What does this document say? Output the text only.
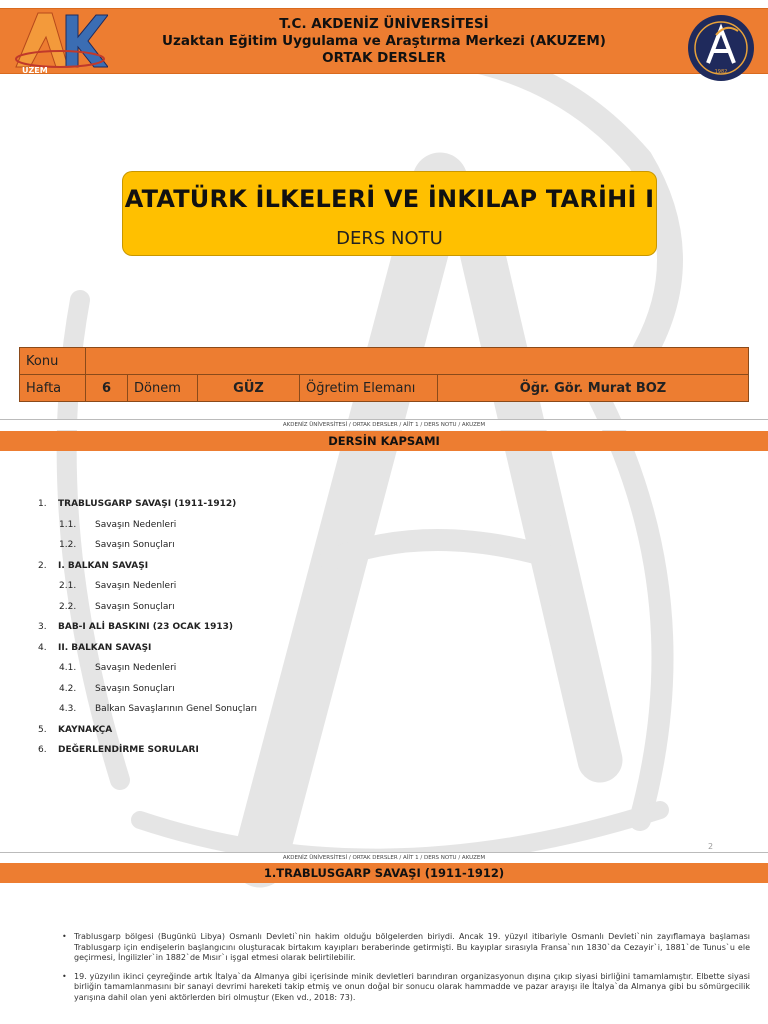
UZEM
T.C. AKDENİZ ÜNİVERSİTESİ
Uzaktan Eğitim Uygulama ve Araştırma Merkezi (AKUZEM)
ORTAK DERSLER
1982
ATATÜRK İLKELERİ VE İNKILAP TARİHİ I
DERS NOTU
Konu					
Hafta	6	Dönem	GÜZ	Öğretim Elemanı	Öğr. Gör. Murat BOZ
AKDENİZ ÜNİVERSİTESİ / ORTAK DERSLER / AİİT 1 / DERS NOTU / AKUZEM
DERSİN KAPSAMI
1. TRABLUSGARP SAVAŞI (1911-1912)
1.1. Savaşın Nedenleri
1.2. Savaşın Sonuçları
2. I. BALKAN SAVAŞI
2.1. Savaşın Nedenleri
2.2. Savaşın Sonuçları
3. BAB-I ALİ BASKINI (23 OCAK 1913)
4. II. BALKAN SAVAŞI
4.1. Savaşın Nedenleri
4.2. Savaşın Sonuçları
4.3. Balkan Savaşlarının Genel Sonuçları
5. KAYNAKÇA
6. DEĞERLENDİRME SORULARI
2
AKDENİZ ÜNİVERSİTESİ / ORTAK DERSLER / AİİT 1 / DERS NOTU / AKUZEM
1.TRABLUSGARP SAVAŞI (1911-1912)
• Trablusgarp bölgesi (Bugünkü Libya) Osmanlı Devleti`nin hakim olduğu bölgelerden biriydi. Ancak 19. yüzyıl itibariyle Osmanlı Devleti`nin zayıflamaya başlaması Trablusgarp için endişelerin başlangıcını oluşturacak birtakım kayıpları beraberinde getirmişti. Bu kayıplar sırasıyla Fransa`nın 1830`da Cezayir`i, 1881`de Tunus`u ele geçirmesi, İngilizler`in 1882`de Mısır`ı işgal etmesi olarak belirtilebilir.
• 19. yüzyılın ikinci çeyreğinde artık İtalya`da Almanya gibi içerisinde minik devletleri barındıran organizasyonun dışına çıkıp siyasi birliğini tamamlamıştır. Elbette siyasi birliğin tamamlanmasını bir sanayi devrimi hareketi takip etmiş ve onun doğal bir sonucu olarak hammadde ve pazar arayışı ile İtalya`da Almanya gibi bu sömürgecilik yarışına dahil olan yeni aktörlerden biri olmuştur (Eken vd., 2018: 73).
